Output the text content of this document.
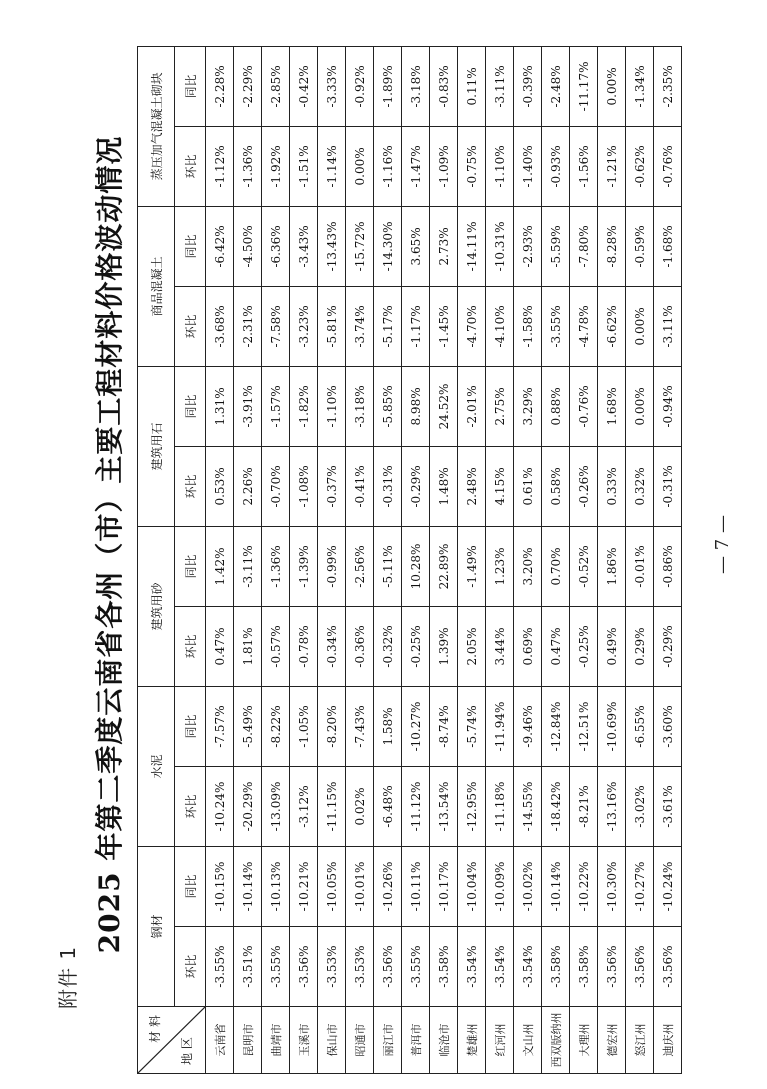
附件 1
2025 年第二季度云南省各州（市）主要工程材料价格波动情况
材 料
地 区	钢材		水泥		建筑用砂		建筑用石		商品混凝土		蒸压加气混凝土砌块	
	环比	同比	环比	同比	环比	同比	环比	同比	环比	同比	环比	同比
云南省	-3.55%	-10.15%	-10.24%	-7.57%	0.47%	1.42%	0.53%	1.31%	-3.68%	-6.42%	-1.12%	-2.28%
昆明市	-3.51%	-10.14%	-20.29%	-5.49%	1.81%	-3.11%	2.26%	-3.91%	-2.31%	-4.50%	-1.36%	-2.29%
曲靖市	-3.55%	-10.13%	-13.09%	-8.22%	-0.57%	-1.36%	-0.70%	-1.57%	-7.58%	-6.36%	-1.92%	-2.85%
玉溪市	-3.56%	-10.21%	-3.12%	-1.05%	-0.78%	-1.39%	-1.08%	-1.82%	-3.23%	-3.43%	-1.51%	-0.42%
保山市	-3.53%	-10.05%	-11.15%	-8.20%	-0.34%	-0.99%	-0.37%	-1.10%	-5.81%	-13.43%	-1.14%	-3.33%
昭通市	-3.53%	-10.01%	0.02%	-7.43%	-0.36%	-2.56%	-0.41%	-3.18%	-3.74%	-15.72%	0.00%	-0.92%
丽江市	-3.56%	-10.26%	-6.48%	1.58%	-0.32%	-5.11%	-0.31%	-5.85%	-5.17%	-14.30%	-1.16%	-1.89%
普洱市	-3.55%	-10.11%	-11.12%	-10.27%	-0.25%	10.28%	-0.29%	8.98%	-1.17%	3.65%	-1.47%	-3.18%
临沧市	-3.58%	-10.17%	-13.54%	-8.74%	1.39%	22.89%	1.48%	24.52%	-1.45%	2.73%	-1.09%	-0.83%
楚雄州	-3.54%	-10.04%	-12.95%	-5.74%	2.05%	-1.49%	2.48%	-2.01%	-4.70%	-14.11%	-0.75%	0.11%
红河州	-3.54%	-10.09%	-11.18%	-11.94%	3.44%	1.23%	4.15%	2.75%	-4.10%	-10.31%	-1.10%	-3.11%
文山州	-3.54%	-10.02%	-14.55%	-9.46%	0.69%	3.20%	0.61%	3.29%	-1.58%	-2.93%	-1.40%	-0.39%
西双版纳州	-3.58%	-10.14%	-18.42%	-12.84%	0.47%	0.70%	0.58%	0.88%	-3.55%	-5.59%	-0.93%	-2.48%
大理州	-3.58%	-10.22%	-8.21%	-12.51%	-0.25%	-0.52%	-0.26%	-0.76%	-4.78%	-7.80%	-1.56%	-11.17%
德宏州	-3.56%	-10.30%	-13.16%	-10.69%	0.49%	1.86%	0.33%	1.68%	-6.62%	-8.28%	-1.21%	0.00%
怒江州	-3.56%	-10.27%	-3.02%	-6.55%	0.29%	-0.01%	0.32%	0.00%	0.00%	-0.59%	-0.62%	-1.34%
迪庆州	-3.56%	-10.24%	-3.61%	-3.60%	-0.29%	-0.86%	-0.31%	-0.94%	-3.11%	-1.68%	-0.76%	-2.35%
— 7 —
